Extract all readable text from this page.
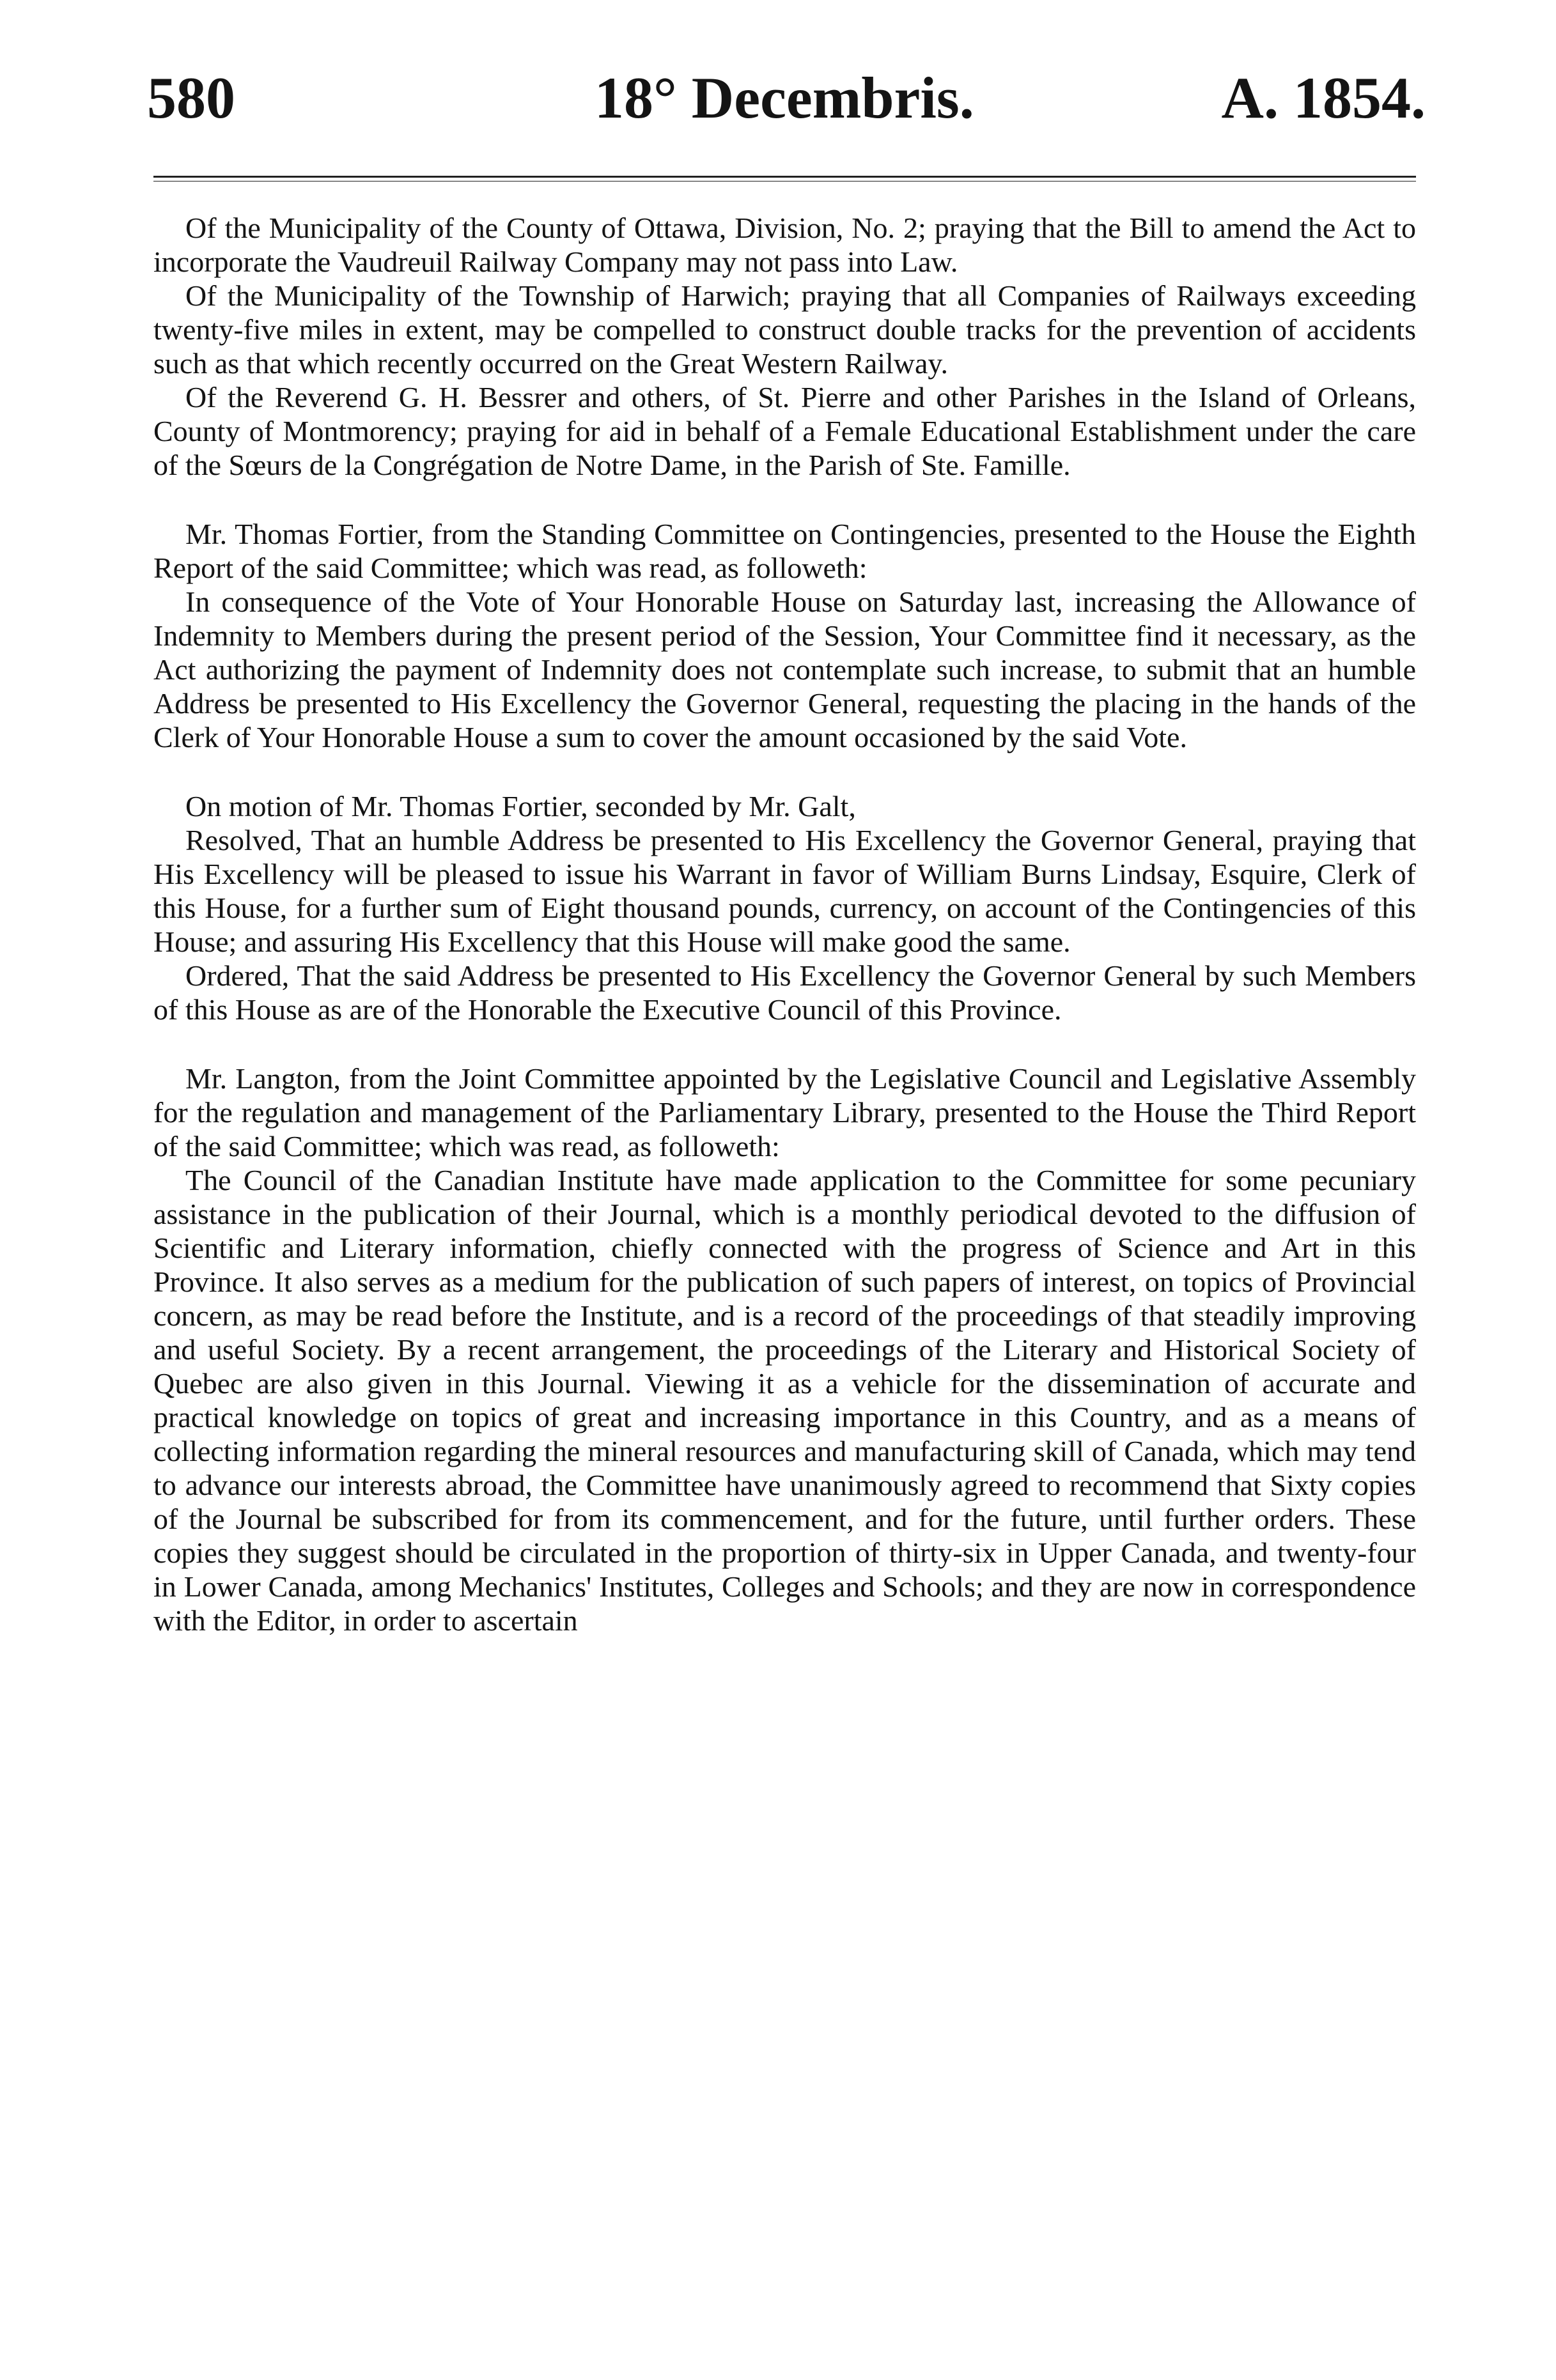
580	18° Decembris.	A. 1854.

Of the Municipality of the County of Ottawa, Division, No. 2; praying that the Bill to amend the Act to incorporate the Vaudreuil Railway Company may not pass into Law.

Of the Municipality of the Township of Harwich; praying that all Companies of Railways exceeding twenty-five miles in extent, may be compelled to construct double tracks for the prevention of accidents such as that which recently occurred on the Great Western Railway.

Of the Reverend G. H. Bessrer and others, of St. Pierre and other Parishes in the Island of Orleans, County of Montmorency; praying for aid in behalf of a Female Educational Establishment under the care of the Sœurs de la Congrégation de Notre Dame, in the Parish of Ste. Famille.

Mr. Thomas Fortier, from the Standing Committee on Contingencies, presented to the House the Eighth Report of the said Committee; which was read, as followeth:

In consequence of the Vote of Your Honorable House on Saturday last, increasing the Allowance of Indemnity to Members during the present period of the Session, Your Committee find it necessary, as the Act authorizing the payment of Indemnity does not contemplate such increase, to submit that an humble Address be presented to His Excellency the Governor General, requesting the placing in the hands of the Clerk of Your Honorable House a sum to cover the amount occasioned by the said Vote.

On motion of Mr. Thomas Fortier, seconded by Mr. Galt,

Resolved, That an humble Address be presented to His Excellency the Governor General, praying that His Excellency will be pleased to issue his Warrant in favor of William Burns Lindsay, Esquire, Clerk of this House, for a further sum of Eight thousand pounds, currency, on account of the Contingencies of this House; and assuring His Excellency that this House will make good the same.

Ordered, That the said Address be presented to His Excellency the Governor General by such Members of this House as are of the Honorable the Executive Council of this Province.

Mr. Langton, from the Joint Committee appointed by the Legislative Council and Legislative Assembly for the regulation and management of the Parliamentary Library, presented to the House the Third Report of the said Committee; which was read, as followeth:

The Council of the Canadian Institute have made application to the Committee for some pecuniary assistance in the publication of their Journal, which is a monthly periodical devoted to the diffusion of Scientific and Literary information, chiefly connected with the progress of Science and Art in this Province. It also serves as a medium for the publication of such papers of interest, on topics of Provincial concern, as may be read before the Institute, and is a record of the proceedings of that steadily improving and useful Society. By a recent arrangement, the proceedings of the Literary and Historical Society of Quebec are also given in this Journal. Viewing it as a vehicle for the dissemination of accurate and practical knowledge on topics of great and increasing importance in this Country, and as a means of collecting information regarding the mineral resources and manufacturing skill of Canada, which may tend to advance our interests abroad, the Committee have unanimously agreed to recommend that Sixty copies of the Journal be subscribed for from its commencement, and for the future, until further orders. These copies they suggest should be circulated in the proportion of thirty-six in Upper Canada, and twenty-four in Lower Canada, among Mechanics' Institutes, Colleges and Schools; and they are now in correspondence with the Editor, in order to ascertain
